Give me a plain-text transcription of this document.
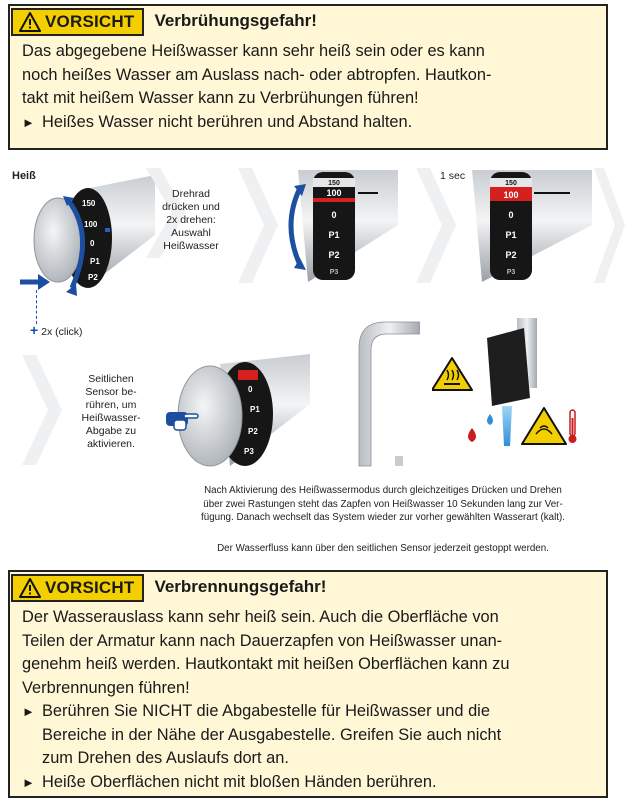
VORSICHT Verbrühungsgefahr!

Das abgegebene Heißwasser kann sehr heiß sein oder es kann

noch heißes Wasser am Auslass nach- oder abtropfen. Hautkon-

takt mit heißem Wasser kann zu Verbrühungen führen!

► Heißes Wasser nicht berühren und Abstand halten.
Heiß
150
100
0
P1
P2
+ 2x (click)
Drehrad
drücken und
2x drehen:
Auswahl
Heißwasser
150
100
0
P1
P2
P3
1 sec
150
100
0
P1
P2
P3
Seitlichen
Sensor be-
rühren, um
Heißwasser-
Abgabe zu
aktivieren.
0
P1
P2
P3
Nach Aktivierung des Heißwassermodus durch gleichzeitiges Drücken und Drehen
über zwei Rastungen steht das Zapfen von Heißwasser 10 Sekunden lang zur Ver-
fügung. Danach wechselt das System wieder zur vorher gewählten Wasserart (kalt).
Der Wasserfluss kann über den seitlichen Sensor jederzeit gestoppt werden.
VORSICHT Verbrennungsgefahr!

Der Wasserauslass kann sehr heiß sein. Auch die Oberfläche von

Teilen der Armatur kann nach Dauerzapfen von Heißwasser unan-

genehm heiß werden. Hautkontakt mit heißen Oberflächen kann zu

Verbrennungen führen!

► Berühren Sie NICHT die Abgabestelle für Heißwasser und die
Bereiche in der Nähe der Ausgabestelle. Greifen Sie auch nicht
zum Drehen des Auslaufs dort an.
► Heiße Oberflächen nicht mit bloßen Händen berühren.
